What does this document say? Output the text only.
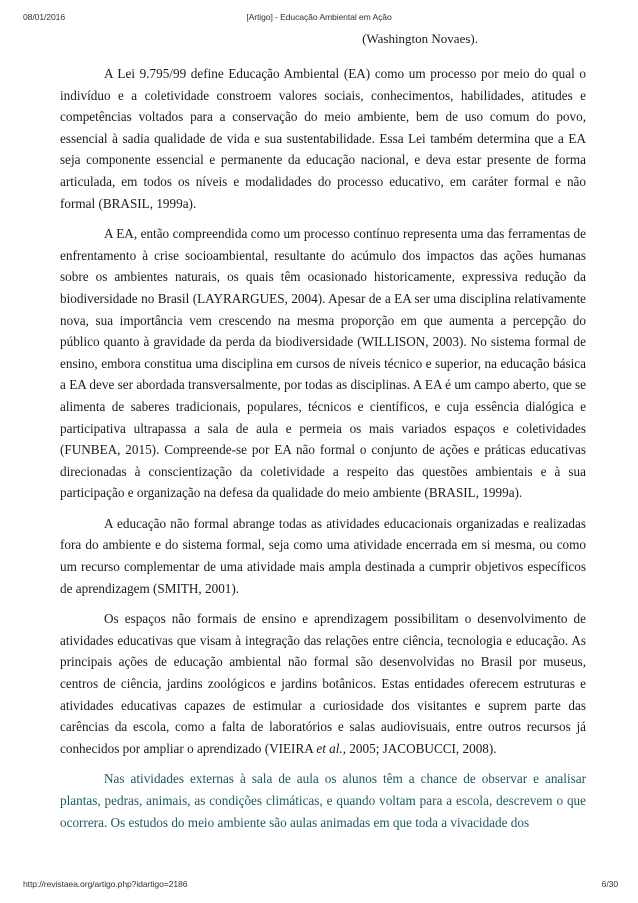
08/01/2016	[Artigo] - Educação Ambiental em Ação
(Washington Novaes).

A Lei 9.795/99 define Educação Ambiental (EA) como um processo por meio do qual o indivíduo e a coletividade constroem valores sociais, conhecimentos, habilidades, atitudes e competências voltados para a conservação do meio ambiente, bem de uso comum do povo, essencial à sadia qualidade de vida e sua sustentabilidade. Essa Lei também determina que a EA seja componente essencial e permanente da educação nacional, e deva estar presente de forma articulada, em todos os níveis e modalidades do processo educativo, em caráter formal e não formal (BRASIL, 1999a).

A EA, então compreendida como um processo contínuo representa uma das ferramentas de enfrentamento à crise socioambiental, resultante do acúmulo dos impactos das ações humanas sobre os ambientes naturais, os quais têm ocasionado historicamente, expressiva redução da biodiversidade no Brasil (LAYRARGUES, 2004). Apesar de a EA ser uma disciplina relativamente nova, sua importância vem crescendo na mesma proporção em que aumenta a percepção do público quanto à gravidade da perda da biodiversidade (WILLISON, 2003). No sistema formal de ensino, embora constitua uma disciplina em cursos de níveis técnico e superior, na educação básica a EA deve ser abordada transversalmente, por todas as disciplinas. A EA é um campo aberto, que se alimenta de saberes tradicionais, populares, técnicos e científicos, e cuja essência dialógica e participativa ultrapassa a sala de aula e permeia os mais variados espaços e coletividades (FUNBEA, 2015). Compreende-se por EA não formal o conjunto de ações e práticas educativas direcionadas à conscientização da coletividade a respeito das questões ambientais e à sua participação e organização na defesa da qualidade do meio ambiente (BRASIL, 1999a).

A educação não formal abrange todas as atividades educacionais organizadas e realizadas fora do ambiente e do sistema formal, seja como uma atividade encerrada em si mesma, ou como um recurso complementar de uma atividade mais ampla destinada a cumprir objetivos específicos de aprendizagem (SMITH, 2001).

Os espaços não formais de ensino e aprendizagem possibilitam o desenvolvimento de atividades educativas que visam à integração das relações entre ciência, tecnologia e educação. As principais ações de educação ambiental não formal são desenvolvidas no Brasil por museus, centros de ciência, jardins zoológicos e jardins botânicos. Estas entidades oferecem estruturas e atividades educativas capazes de estimular a curiosidade dos visitantes e suprem parte das carências da escola, como a falta de laboratórios e salas audiovisuais, entre outros recursos já conhecidos por ampliar o aprendizado (VIEIRA et al., 2005; JACOBUCCI, 2008).

Nas atividades externas à sala de aula os alunos têm a chance de observar e analisar plantas, pedras, animais, as condições climáticas, e quando voltam para a escola, descrevem o que ocorrera. Os estudos do meio ambiente são aulas animadas em que toda a vivacidade dos

http://revistaea.org/artigo.php?idartigo=2186	6/30
